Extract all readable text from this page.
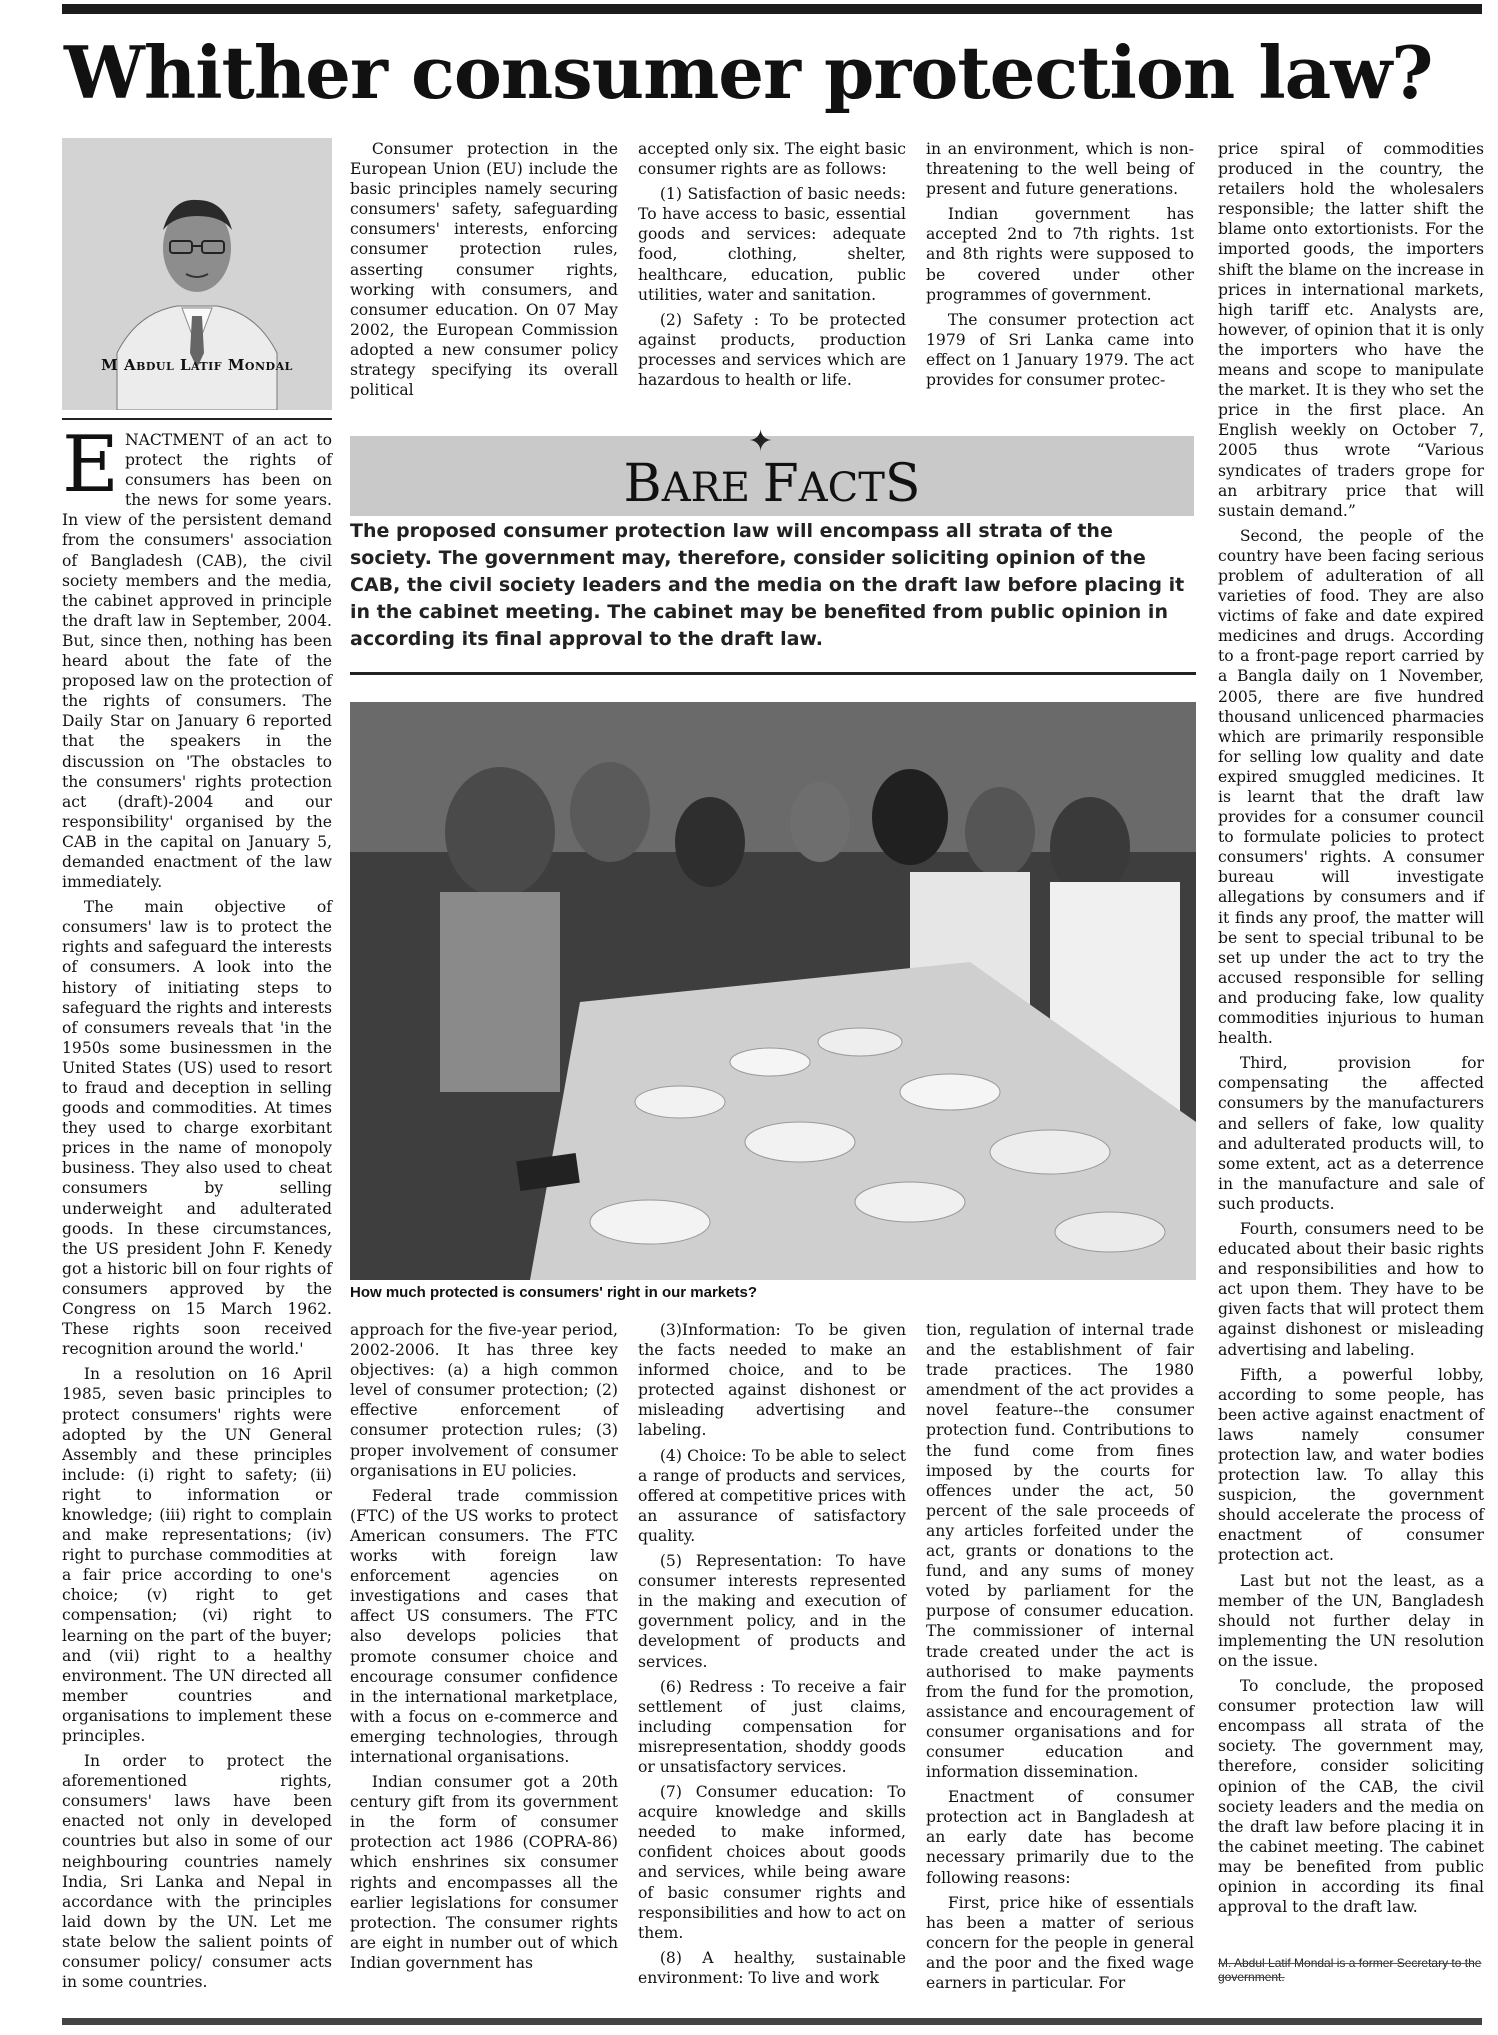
Whither consumer protection law?
M Abdul Latif Mondal

ENACTMENT of an act to protect the rights of consumers has been on the news for some years. In view of the persistent demand from the consumers' association of Bangladesh (CAB), the civil society members and the media, the cabinet approved in principle the draft law in September, 2004. But, since then, nothing has been heard about the fate of the proposed law on the protection of the rights of consumers. The Daily Star on January 6 reported that the speakers in the discussion on 'The obstacles to the consumers' rights protection act (draft)-2004 and our responsibility' organised by the CAB in the capital on January 5, demanded enactment of the law immediately.

The main objective of consumers' law is to protect the rights and safeguard the interests of consumers. A look into the history of initiating steps to safeguard the rights and interests of consumers reveals that 'in the 1950s some businessmen in the United States (US) used to resort to fraud and deception in selling goods and commodities. At times they used to charge exorbitant prices in the name of monopoly business. They also used to cheat consumers by selling underweight and adulterated goods. In these circumstances, the US president John F. Kenedy got a historic bill on four rights of consumers approved by the Congress on 15 March 1962. These rights soon received recognition around the world.'

In a resolution on 16 April 1985, seven basic principles to protect consumers' rights were adopted by the UN General Assembly and these principles include: (i) right to safety; (ii) right to information or knowledge; (iii) right to complain and make representations; (iv) right to purchase commodities at a fair price according to one's choice; (v) right to get compensation; (vi) right to learning on the part of the buyer; and (vii) right to a healthy environment. The UN directed all member countries and organisations to implement these principles.

In order to protect the aforementioned rights, consumers' laws have been enacted not only in developed countries but also in some of our neighbouring countries namely India, Sri Lanka and Nepal in accordance with the principles laid down by the UN. Let me state below the salient points of consumer policy/ consumer acts in some countries.

Consumer protection in the European Union (EU) include the basic principles namely securing consumers' safety, safeguarding consumers' interests, enforcing consumer protection rules, asserting consumer rights, working with consumers, and consumer education. On 07 May 2002, the European Commission adopted a new consumer policy strategy specifying its overall political

accepted only six. The eight basic consumer rights are as follows:

(1) Satisfaction of basic needs: To have access to basic, essential goods and services: adequate food, clothing, shelter, healthcare, education, public utilities, water and sanitation.

(2) Safety : To be protected against products, production processes and services which are hazardous to health or life.

in an environment, which is non-threatening to the well being of present and future generations.

Indian government has accepted 2nd to 7th rights. 1st and 8th rights were supposed to be covered under other programmes of government.

The consumer protection act 1979 of Sri Lanka came into effect on 1 January 1979. The act provides for consumer protec-

✦
BARE FACTS
The proposed consumer protection law will encompass all strata of the society. The government may, therefore, consider soliciting opinion of the CAB, the civil society leaders and the media on the draft law before placing it in the cabinet meeting. The cabinet may be benefited from public opinion in according its final approval to the draft law.
How much protected is consumers' right in our markets?

approach for the five-year period, 2002-2006. It has three key objectives: (a) a high common level of consumer protection; (2) effective enforcement of consumer protection rules; (3) proper involvement of consumer organisations in EU policies.

Federal trade commission (FTC) of the US works to protect American consumers. The FTC works with foreign law enforcement agencies on investigations and cases that affect US consumers. The FTC also develops policies that promote consumer choice and encourage consumer confidence in the international marketplace, with a focus on e-commerce and emerging technologies, through international organisations.

Indian consumer got a 20th century gift from its government in the form of consumer protection act 1986 (COPRA-86) which enshrines six consumer rights and encompasses all the earlier legislations for consumer protection. The consumer rights are eight in number out of which Indian government has

(3)Information: To be given the facts needed to make an informed choice, and to be protected against dishonest or misleading advertising and labeling.

(4) Choice: To be able to select a range of products and services, offered at competitive prices with an assurance of satisfactory quality.

(5) Representation: To have consumer interests represented in the making and execution of government policy, and in the development of products and services.

(6) Redress : To receive a fair settlement of just claims, including compensation for misrepresentation, shoddy goods or unsatisfactory services.

(7) Consumer education: To acquire knowledge and skills needed to make informed, confident choices about goods and services, while being aware of basic consumer rights and responsibilities and how to act on them.

(8) A healthy, sustainable environment: To live and work

tion, regulation of internal trade and the establishment of fair trade practices. The 1980 amendment of the act provides a novel feature--the consumer protection fund. Contributions to the fund come from fines imposed by the courts for offences under the act, 50 percent of the sale proceeds of any articles forfeited under the act, grants or donations to the fund, and any sums of money voted by parliament for the purpose of consumer education. The commissioner of internal trade created under the act is authorised to make payments from the fund for the promotion, assistance and encouragement of consumer organisations and for consumer education and information dissemination.

Enactment of consumer protection act in Bangladesh at an early date has become necessary primarily due to the following reasons:

First, price hike of essentials has been a matter of serious concern for the people in general and the poor and the fixed wage earners in particular. For

price spiral of commodities produced in the country, the retailers hold the wholesalers responsible; the latter shift the blame onto extortionists. For the imported goods, the importers shift the blame on the increase in prices in international markets, high tariff etc. Analysts are, however, of opinion that it is only the importers who have the means and scope to manipulate the market. It is they who set the price in the first place. An English weekly on October 7, 2005 thus wrote “Various syndicates of traders grope for an arbitrary price that will sustain demand.”

Second, the people of the country have been facing serious problem of adulteration of all varieties of food. They are also victims of fake and date expired medicines and drugs. According to a front-page report carried by a Bangla daily on 1 November, 2005, there are five hundred thousand unlicenced pharmacies which are primarily responsible for selling low quality and date expired smuggled medicines. It is learnt that the draft law provides for a consumer council to formulate policies to protect consumers' rights. A consumer bureau will investigate allegations by consumers and if it finds any proof, the matter will be sent to special tribunal to be set up under the act to try the accused responsible for selling and producing fake, low quality commodities injurious to human health.

Third, provision for compensating the affected consumers by the manufacturers and sellers of fake, low quality and adulterated products will, to some extent, act as a deterrence in the manufacture and sale of such products.

Fourth, consumers need to be educated about their basic rights and responsibilities and how to act upon them. They have to be given facts that will protect them against dishonest or misleading advertising and labeling.

Fifth, a powerful lobby, according to some people, has been active against enactment of laws namely consumer protection law, and water bodies protection law. To allay this suspicion, the government should accelerate the process of enactment of consumer protection act.

Last but not the least, as a member of the UN, Bangladesh should not further delay in implementing the UN resolution on the issue.

To conclude, the proposed consumer protection law will encompass all strata of the society. The government may, therefore, consider soliciting opinion of the CAB, the civil society leaders and the media on the draft law before placing it in the cabinet meeting. The cabinet may be benefited from public opinion in according its final approval to the draft law.

M. Abdul Latif Mondal is a former Secretary to the government.
